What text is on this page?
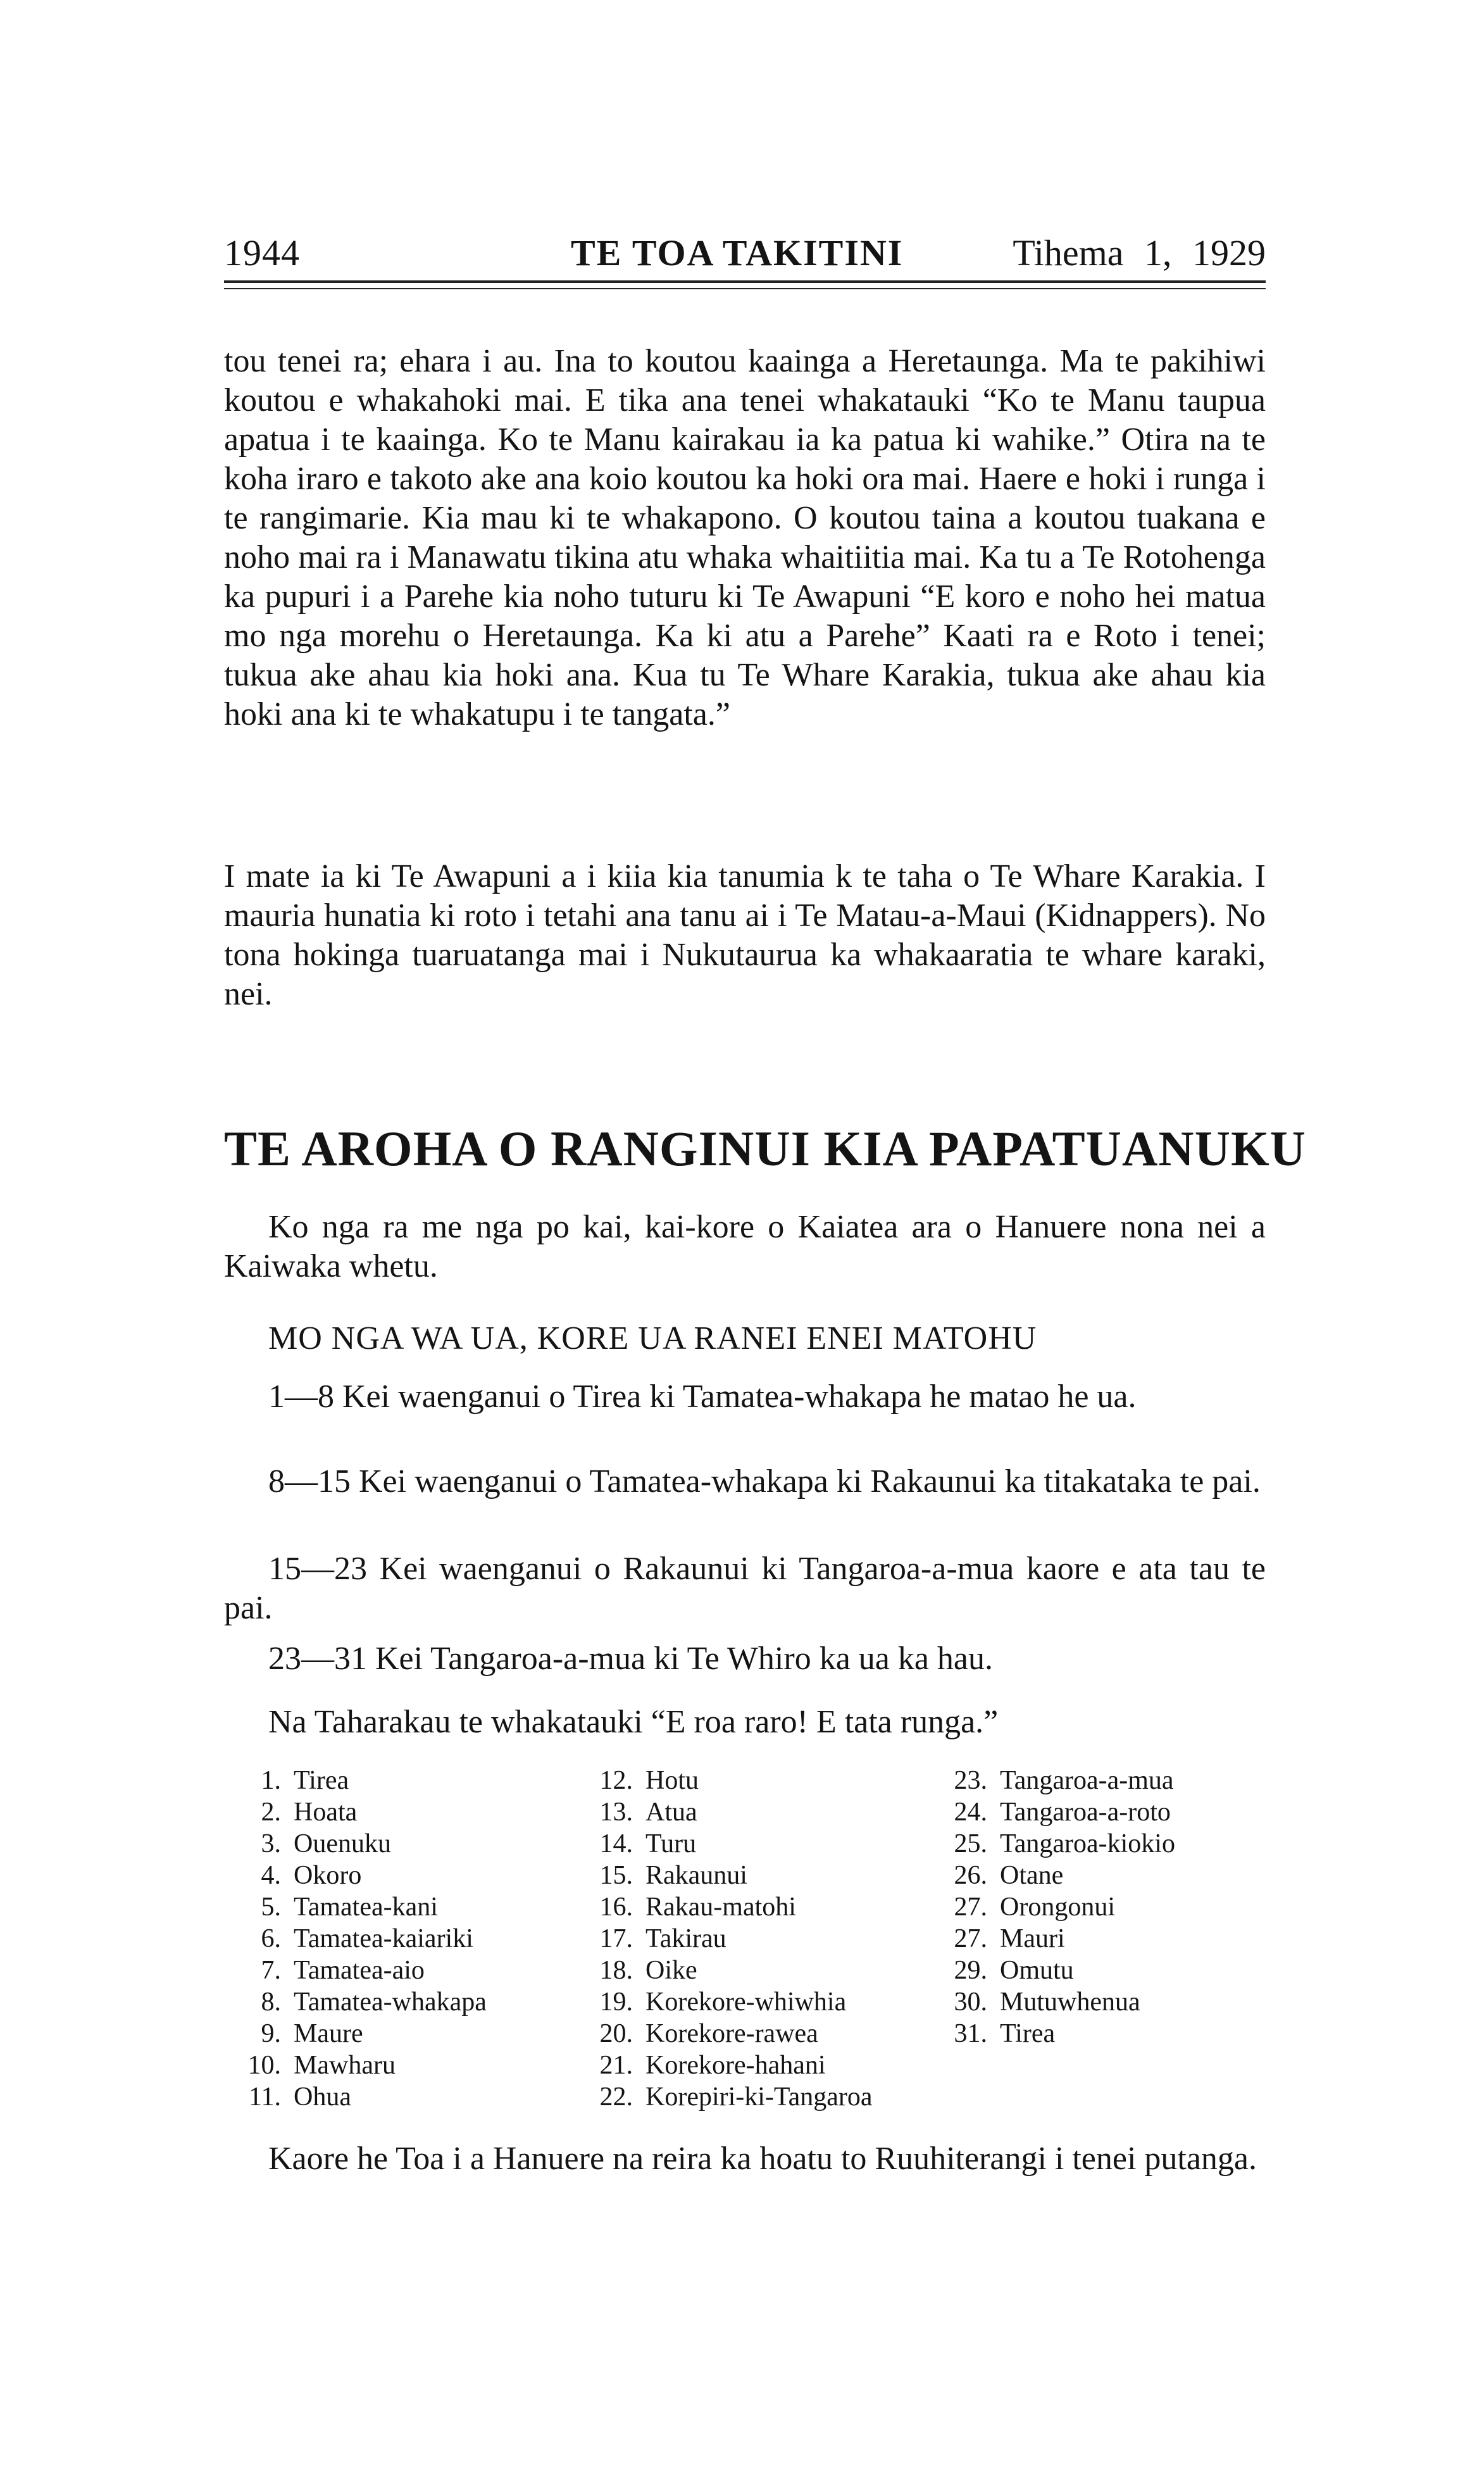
1944	TE TOA TAKITINI	Tihema 1, 1929

tou tenei ra; ehara i au. Ina to koutou kaainga a Heretaunga. Ma te pakihiwi koutou e whakahoki mai. E tika ana tenei whakatauki “Ko te Manu taupua apatua i te kaainga. Ko te Manu kairakau ia ka patua ki wahike.” Otira na te koha iraro e takoto ake ana koio koutou ka hoki ora mai. Haere e hoki i runga i te rangimarie. Kia mau ki te whakapono. O koutou taina a koutou tuakana e noho mai ra i Manawatu tikina atu whaka whaitiitia mai. Ka tu a Te Rotohenga ka pupuri i a Parehe kia noho tuturu ki Te Awapuni “E koro e noho hei matua mo nga morehu o Heretaunga. Ka ki atu a Parehe” Kaati ra e Roto i tenei; tukua ake ahau kia hoki ana. Kua tu Te Whare Karakia, tukua ake ahau kia hoki ana ki te whakatupu i te tangata.”

I mate ia ki Te Awapuni a i kiia kia tanumia k te taha o Te Whare Karakia. I mauria hunatia ki roto i tetahi ana tanu ai i Te Matau-a-Maui (Kidnappers). No tona hokinga tuaruatanga mai i Nukutaurua ka whakaaratia te whare karaki, nei.

TE AROHA O RANGINUI KIA PAPATUANUKU

Ko nga ra me nga po kai, kai-kore o Kaiatea ara o Hanuere nona nei a Kaiwaka whetu.

MO NGA WA UA, KORE UA RANEI ENEI MATOHU

1—8 Kei waenganui o Tirea ki Tamatea-whakapa he matao he ua.

8—15 Kei waenganui o Tamatea-whakapa ki Rakaunui ka titakataka te pai.

15—23 Kei waenganui o Rakaunui ki Tangaroa-a-mua kaore e ata tau te pai.

23—31 Kei Tangaroa-a-mua ki Te Whiro ka ua ka hau.

Na Taharakau te whakatauki “E roa raro! E tata runga.”

1. Tirea
2. Hoata
3. Ouenuku
4. Okoro
5. Tamatea-kani
6. Tamatea-kaiariki
7. Tamatea-aio
8. Tamatea-whakapa
9. Maure
10. Mawharu
11. Ohua
12. Hotu
13. Atua
14. Turu
15. Rakaunui
16. Rakau-matohi
17. Takirau
18. Oike
19. Korekore-whiwhia
20. Korekore-rawea
21. Korekore-hahani
22. Korepiri-ki-Tangaroa
23. Tangaroa-a-mua
24. Tangaroa-a-roto
25. Tangaroa-kiokio
26. Otane
27. Orongonui
27. Mauri
29. Omutu
30. Mutuwhenua
31. Tirea

Kaore he Toa i a Hanuere na reira ka hoatu to Ruuhiterangi i tenei putanga.
